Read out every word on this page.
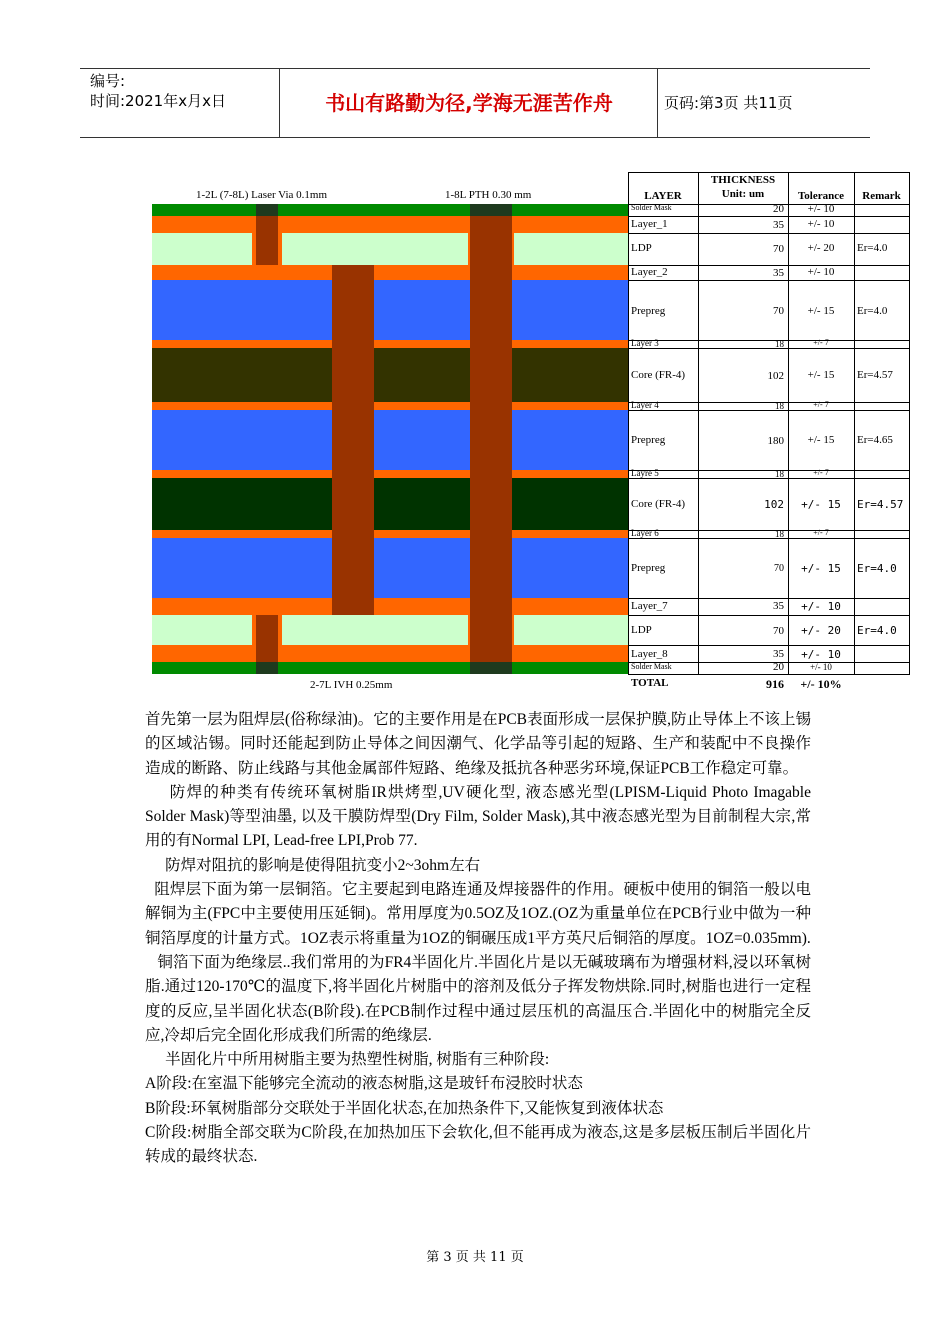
编号:
时间:2021年x月x日	书山有路勤为径,学海无涯苦作舟	页码:第3页 共11页
1-2L (7-8L) Laser Via 0.1mm	1-8L PTH 0.30 mm
2-7L IVH 0.25mm
LAYER
THICKNESS
Unit: um	Tolerance	Remark
Solder Mask	20	+/- 10
Layer_1	35	+/- 10
LDP	70	+/- 20	Er=4.0
Layer_2	35	+/- 10
Prepreg	70	+/- 15	Er=4.0
Layer 3	18	+/- 7
Core (FR-4)	102	+/- 15	Er=4.57
Layer 4	18	+/- 7
Prepreg	180	+/- 15	Er=4.65
Layre 5	18	+/- 7
Core (FR-4)	102	+/- 15	Er=4.57
Layer 6	18	+/- 7
Prepreg	70	+/- 15	Er=4.0
Layer_7	35	+/- 10
LDP	70	+/- 20	Er=4.0
Layer_8	35	+/- 10
Solder Mask	20	+/- 10
TOTAL	916	+/- 10%

首先第一层为阻焊层(俗称绿油)。它的主要作用是在PCB表面形成一层保护膜,防止导体上不该上锡的区域沾锡。同时还能起到防止导体之间因潮气、化学品等引起的短路、生产和装配中不良操作造成的断路、防止线路与其他金属部件短路、绝缘及抵抗各种恶劣环境,保证PCB工作稳定可靠。

防焊的种类有传统环氧树脂IR烘烤型,UV硬化型, 液态感光型(LPISM-Liquid Photo Imagable Solder Mask)等型油墨, 以及干膜防焊型(Dry Film, Solder Mask),其中液态感光型为目前制程大宗,常用的有Normal LPI, Lead-free LPI,Prob 77.

防焊对阻抗的影响是使得阻抗变小2~3ohm左右

阻焊层下面为第一层铜箔。它主要起到电路连通及焊接器件的作用。硬板中使用的铜箔一般以电解铜为主(FPC中主要使用压延铜)。常用厚度为0.5OZ及1OZ.(OZ为重量单位在PCB行业中做为一种铜箔厚度的计量方式。1OZ表示将重量为1OZ的铜碾压成1平方英尺后铜箔的厚度。1OZ=0.035mm).

铜箔下面为绝缘层..我们常用的为FR4半固化片.半固化片是以无碱玻璃布为增强材料,浸以环氧树脂.通过120-170℃的温度下,将半固化片树脂中的溶剂及低分子挥发物烘除.同时,树脂也进行一定程度的反应,呈半固化状态(B阶段).在PCB制作过程中通过层压机的高温压合.半固化中的树脂完全反应,冷却后完全固化形成我们所需的绝缘层.

半固化片中所用树脂主要为热塑性树脂, 树脂有三种阶段:

A阶段:在室温下能够完全流动的液态树脂,这是玻钎布浸胶时状态

B阶段:环氧树脂部分交联处于半固化状态,在加热条件下,又能恢复到液体状态

C阶段:树脂全部交联为C阶段,在加热加压下会软化,但不能再成为液态,这是多层板压制后半固化片转成的最终状态.

第 3 页 共 11 页
